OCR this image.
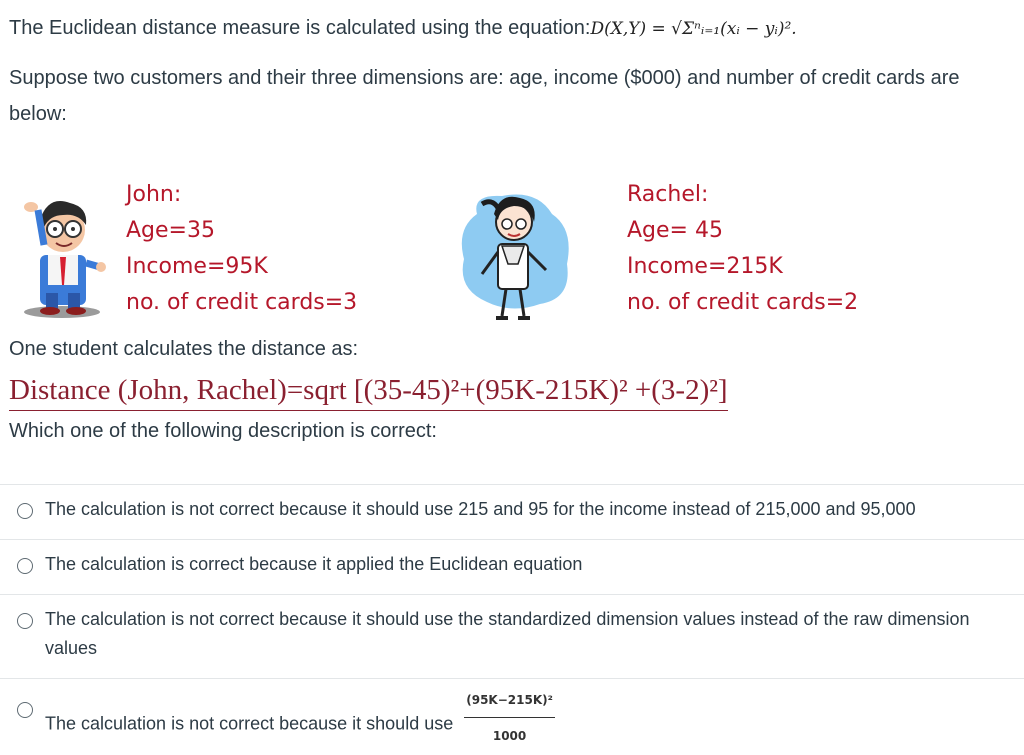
The Euclidean distance measure is calculated using the equation:D(X,Y) = √Σⁿᵢ₌₁(xᵢ − yᵢ)².
Suppose two customers and their three dimensions are: age, income ($000) and number of credit cards are below:
John:
Age=35
Income=95K
no. of credit cards=3
Rachel:
Age= 45
Income=215K
no. of credit cards=2
One student calculates the distance as:
Distance (John, Rachel)=sqrt [(35-45)²+(95K-215K)² +(3-2)²]
Which one of the following description is correct:
The calculation is not correct because it should use 215 and 95 for the income instead of 215,000 and 95,000
The calculation is correct because it applied the Euclidean equation
The calculation is not correct because it should use the standardized dimension values instead of the raw dimension values
The calculation is not correct because it should use $\frac{\text{(95K−215K)²}}{1000}$
